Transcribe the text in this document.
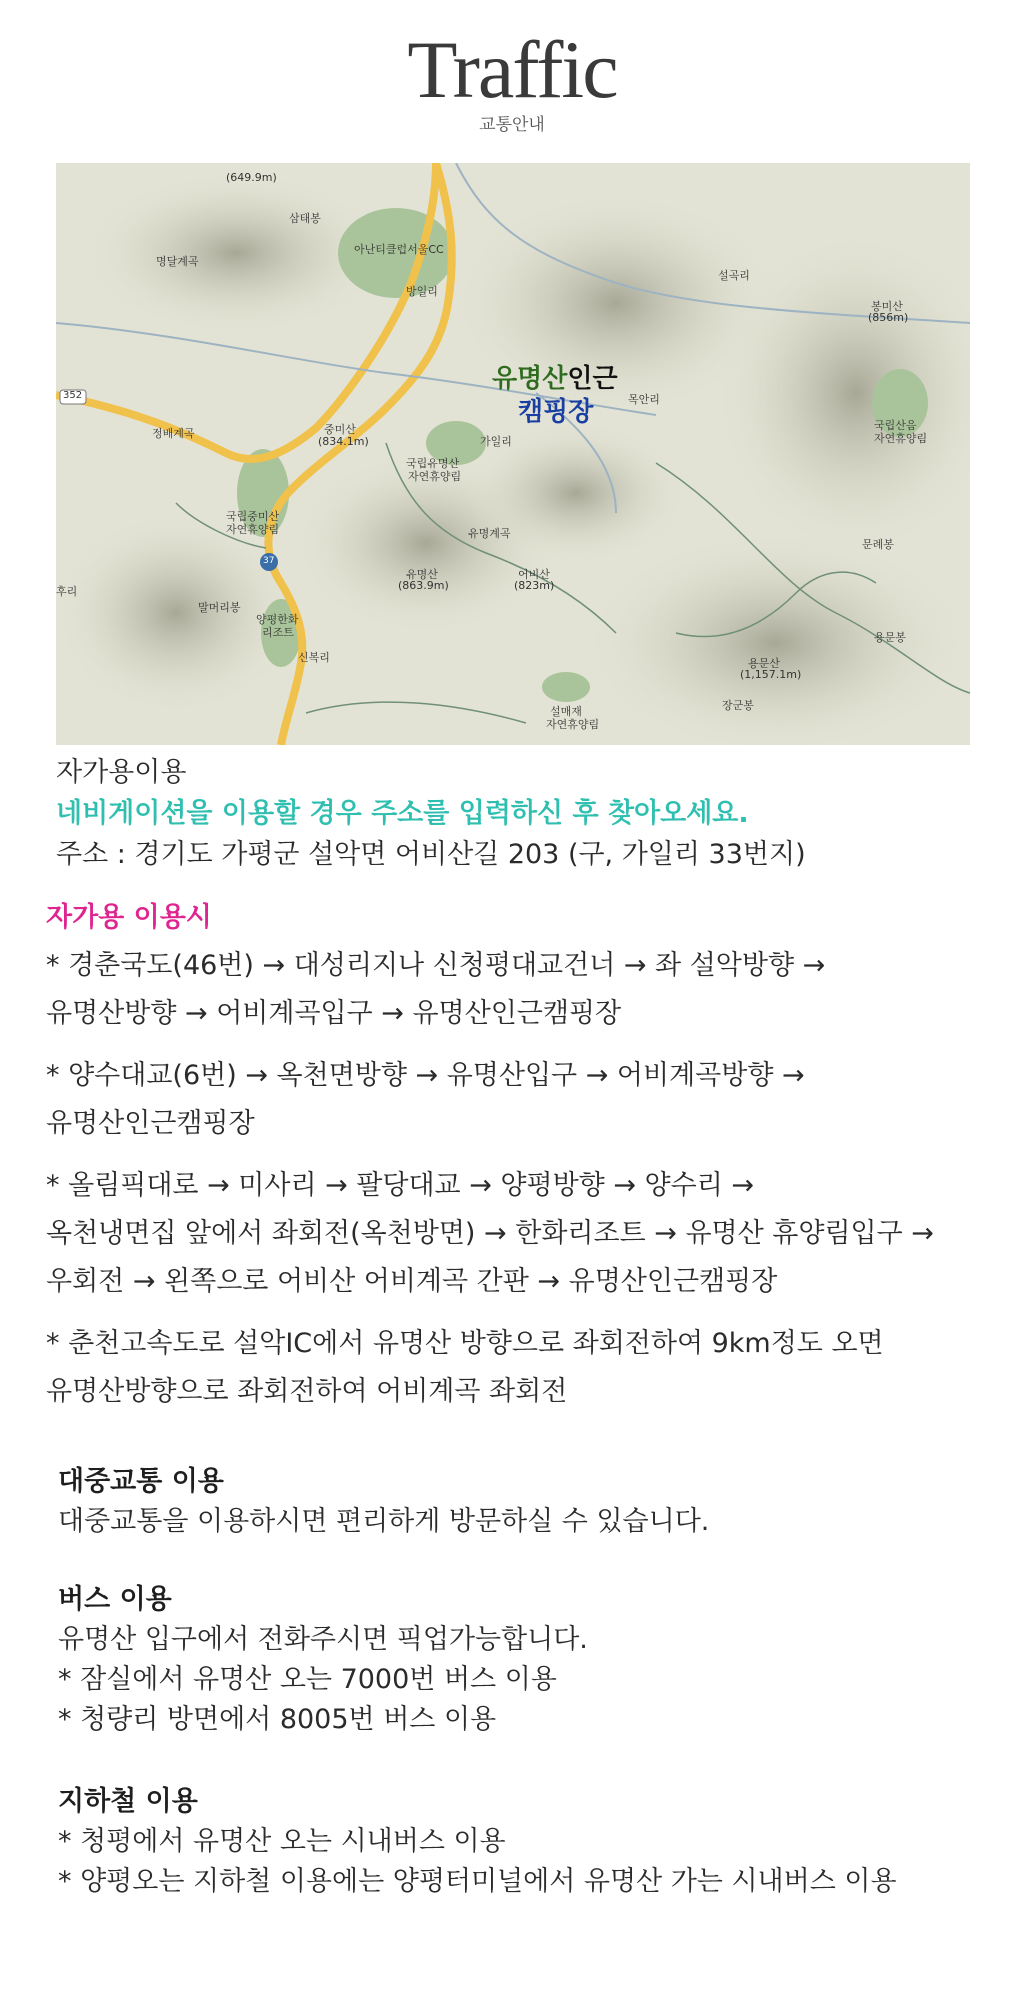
Traffic
교통안내
(649.9m)
삼태봉
명달계곡
아난티클럽서울CC
방일리
설곡리
봉미산
(856m)
352
정배계곡	중미산
(834.1m)
국립유명산
자연휴양림
가일리
목안리
국립산음
자연휴양림
국립중미산
자연휴양림
37
유명계곡
어비산
(823m)
유명산
(863.9m)
문례봉
말머리봉
양평한화
리조트
신복리
용문봉
용문산
(1,157.1m)
장군봉
설매재
자연휴양림
후리
유명산인근
캠핑장
자가용이용
네비게이션을 이용할 경우 주소를 입력하신 후 찾아오세요.
주소 : 경기도 가평군 설악면 어비산길 203 (구, 가일리 33번지)
자가용 이용시
* 경춘국도(46번) → 대성리지나 신청평대교건너 → 좌 설악방향 →
유명산방향 → 어비계곡입구 → 유명산인근캠핑장
* 양수대교(6번) → 옥천면방향 → 유명산입구 → 어비계곡방향 →
유명산인근캠핑장
* 올림픽대로 → 미사리 → 팔당대교 → 양평방향 → 양수리 →
옥천냉면집 앞에서 좌회전(옥천방면) → 한화리조트 → 유명산 휴양림입구 →
우회전 → 왼쪽으로 어비산 어비계곡 간판 → 유명산인근캠핑장
* 춘천고속도로 설악IC에서 유명산 방향으로 좌회전하여 9km정도 오면
유명산방향으로 좌회전하여 어비계곡 좌회전
대중교통 이용
대중교통을 이용하시면 편리하게 방문하실 수 있습니다.
버스 이용
유명산 입구에서 전화주시면 픽업가능합니다.
* 잠실에서 유명산 오는 7000번 버스 이용
* 청량리 방면에서 8005번 버스 이용
지하철 이용
* 청평에서 유명산 오는 시내버스 이용
* 양평오는 지하철 이용에는 양평터미널에서 유명산 가는 시내버스 이용
